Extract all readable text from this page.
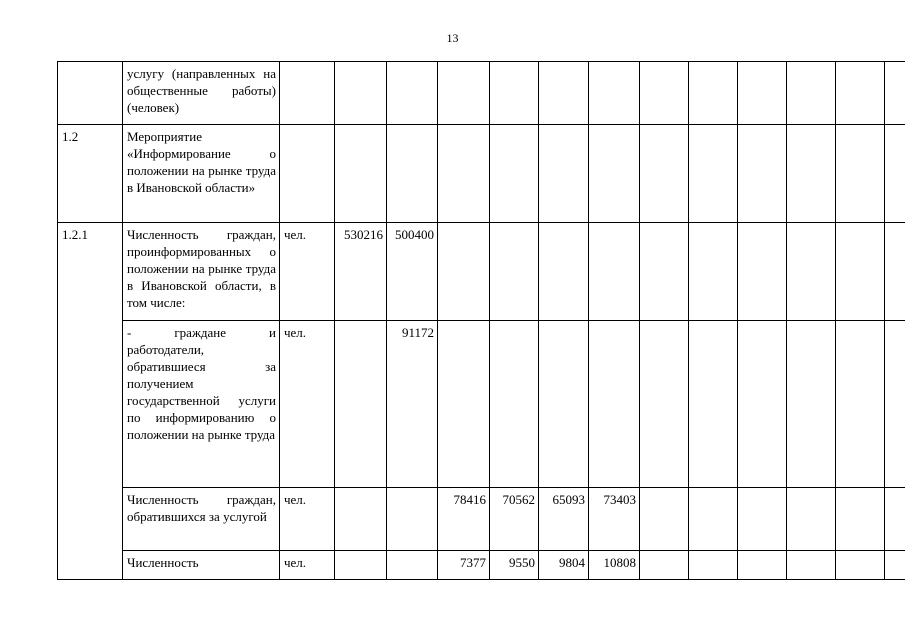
13
	услугу (направленных на общественные работы) (человек)													
1.2	Мероприятие «Информирование о положении на рынке труда в Ивановской области»													
1.2.1	Численность граждан, проинформированных о положении на рынке труда в Ивановской области, в том числе:	чел.	530216	500400										
	- граждане и работодатели, обратившиеся за получением государственной услуги по информированию о положении на рынке труда	чел.		91172										
	Численность граждан, обратившихся за услугой	чел.			78416	70562	65093	73403						
	Численность	чел.			7377	9550	9804	10808						
